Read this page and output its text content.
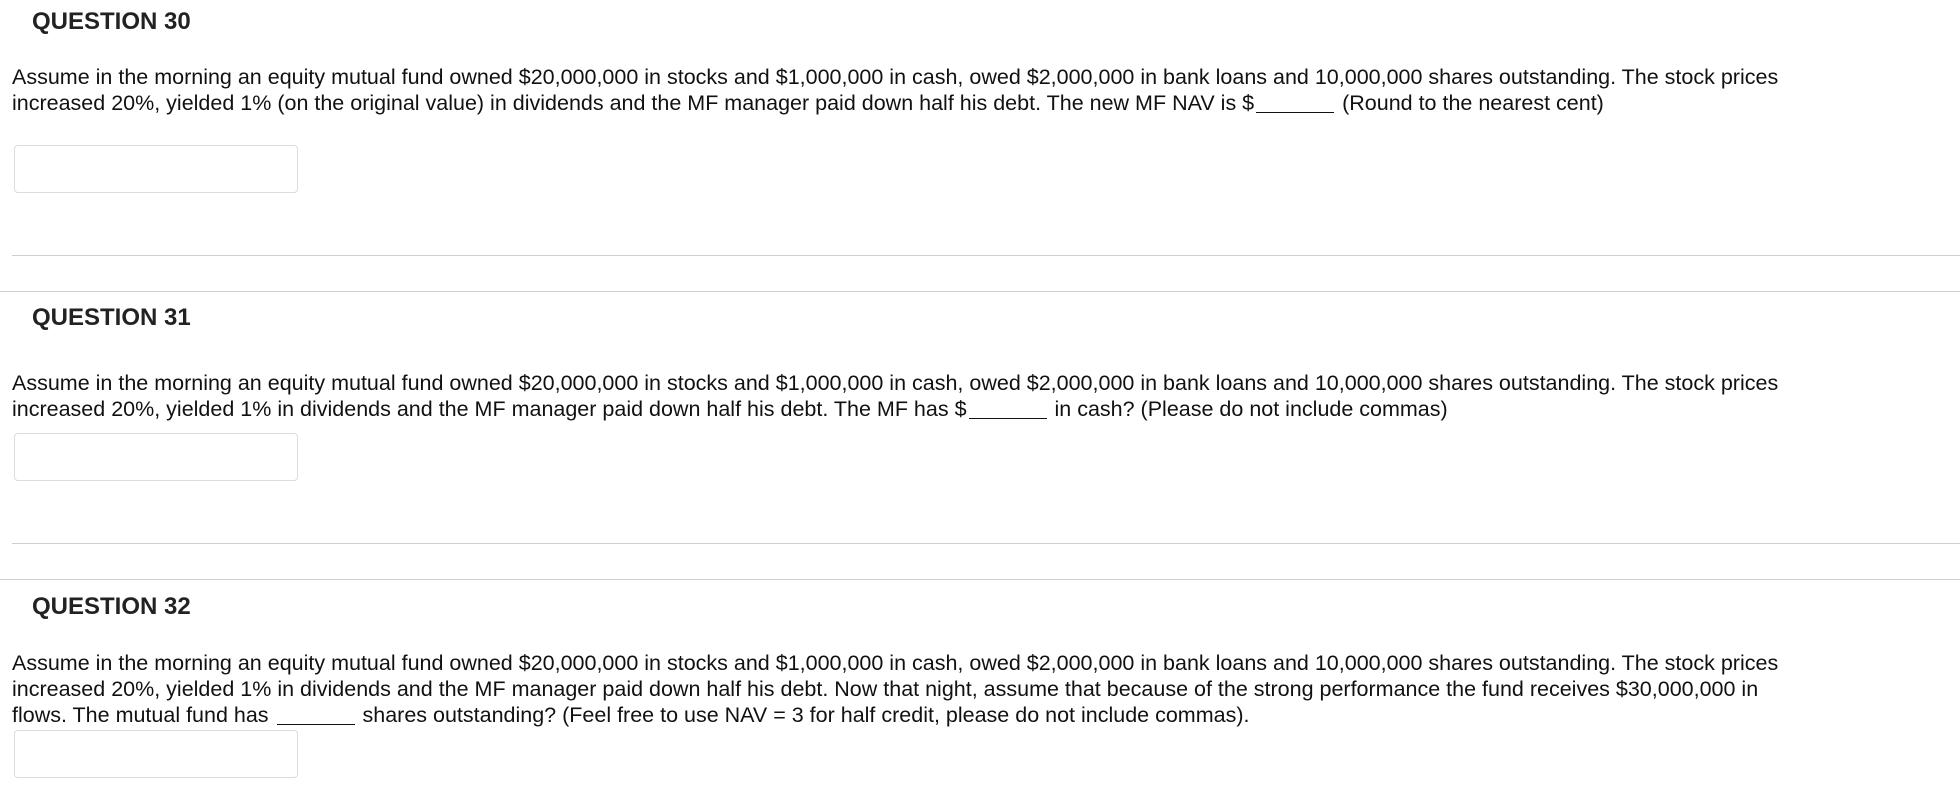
QUESTION 30
Assume in the morning an equity mutual fund owned $20,000,000 in stocks and $1,000,000 in cash, owed $2,000,000 in bank loans and 10,000,000 shares outstanding. The stock prices increased 20%, yielded 1% (on the original value) in dividends and the MF manager paid down half his debt. The new MF NAV is $	(Round to the nearest cent)
QUESTION 31
Assume in the morning an equity mutual fund owned $20,000,000 in stocks and $1,000,000 in cash, owed $2,000,000 in bank loans and 10,000,000 shares outstanding. The stock prices increased 20%, yielded 1% in dividends and the MF manager paid down half his debt. The MF has $	in cash? (Please do not include commas)
QUESTION 32
Assume in the morning an equity mutual fund owned $20,000,000 in stocks and $1,000,000 in cash, owed $2,000,000 in bank loans and 10,000,000 shares outstanding. The stock prices increased 20%, yielded 1% in dividends and the MF manager paid down half his debt. Now that night, assume that because of the strong performance the fund receives $30,000,000 in flows. The mutual fund has	shares outstanding? (Feel free to use NAV = 3 for half credit, please do not include commas).
